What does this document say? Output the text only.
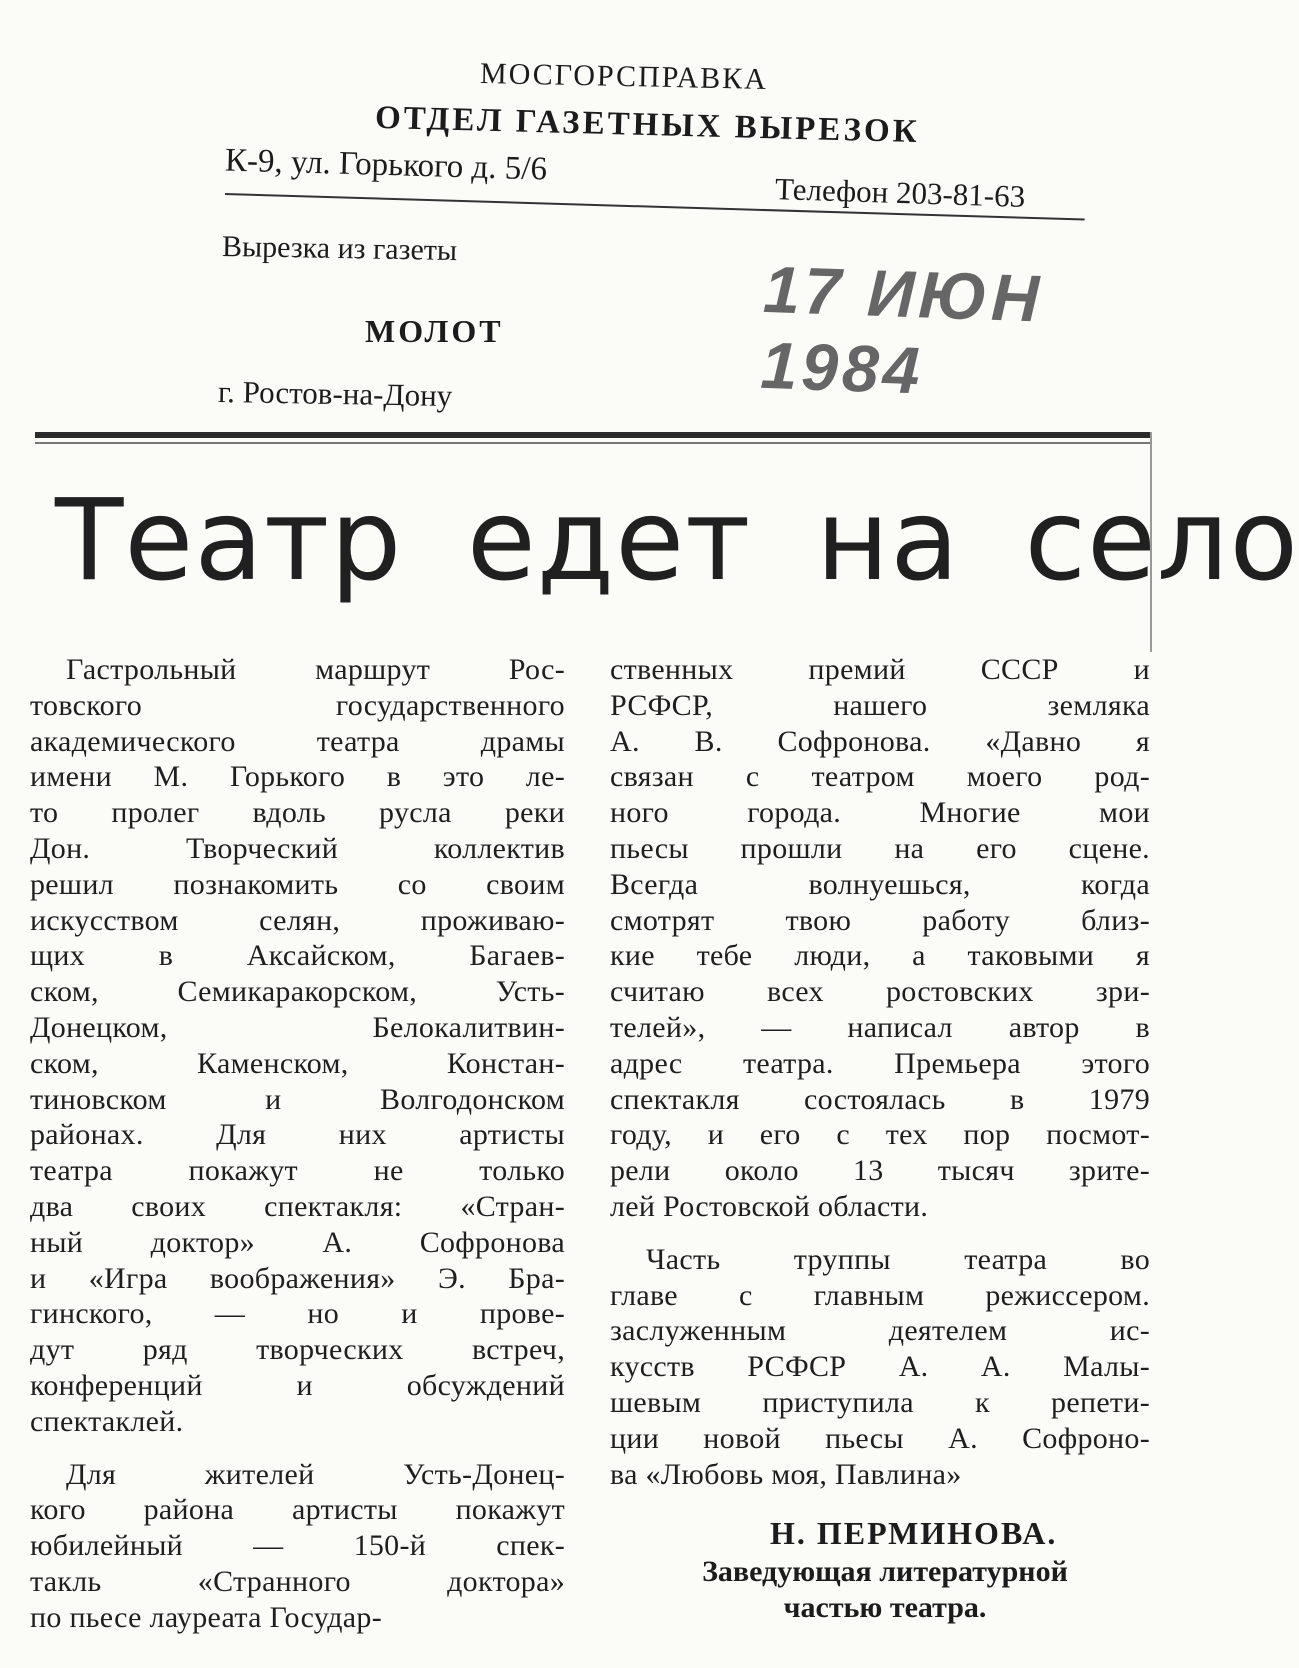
МОСГОРСПРАВКА
ОТДЕЛ ГАЗЕТНЫХ ВЫРЕЗОК
К-9, ул. Горького д. 5/6
Телефон 203-81-63
Вырезка из газеты
МОЛОТ
г. Ростов-на-Дону
17 ИЮН 1984
Театр едет на село
Гастрольный маршрут Рос-
товского государственного
академического театра драмы
имени М. Горького в это ле-
то пролег вдоль русла реки
Дон. Творческий коллектив
решил познакомить со своим
искусством селян, проживаю-
щих в Аксайском, Багаев-
ском, Семикаракорском, Усть-
Донецком, Белокалитвин-
ском, Каменском, Констан-
тиновском и Волгодонском
районах. Для них артисты
театра покажут не только
два своих спектакля: «Стран-
ный доктор» А. Софронова
и «Игра воображения» Э. Бра-
гинского, — но и прове-
дут ряд творческих встреч,
конференций и обсуждений
спектаклей.
Для жителей Усть-Донец-
кого района артисты покажут
юбилейный — 150-й спек-
такль «Странного доктора»
по пьесе лауреата Государ-
ственных премий СССР и
РСФСР, нашего земляка
А. В. Софронова. «Давно я
связан с театром моего род-
ного города. Многие мои
пьесы прошли на его сцене.
Всегда волнуешься, когда
смотрят твою работу близ-
кие тебе люди, а таковыми я
считаю всех ростовских зри-
телей», — написал автор в
адрес театра. Премьера этого
спектакля состоялась в 1979
году, и его с тех пор посмот-
рели около 13 тысяч зрите-
лей Ростовской области.
Часть труппы театра во
главе с главным режиссером.
заслуженным деятелем ис-
кусств РСФСР А. А. Малы-
шевым приступила к репети-
ции новой пьесы А. Софроно-
ва «Любовь моя, Павлина»
Н. ПЕРМИНОВА.
Заведующая литературной
частью театра.
